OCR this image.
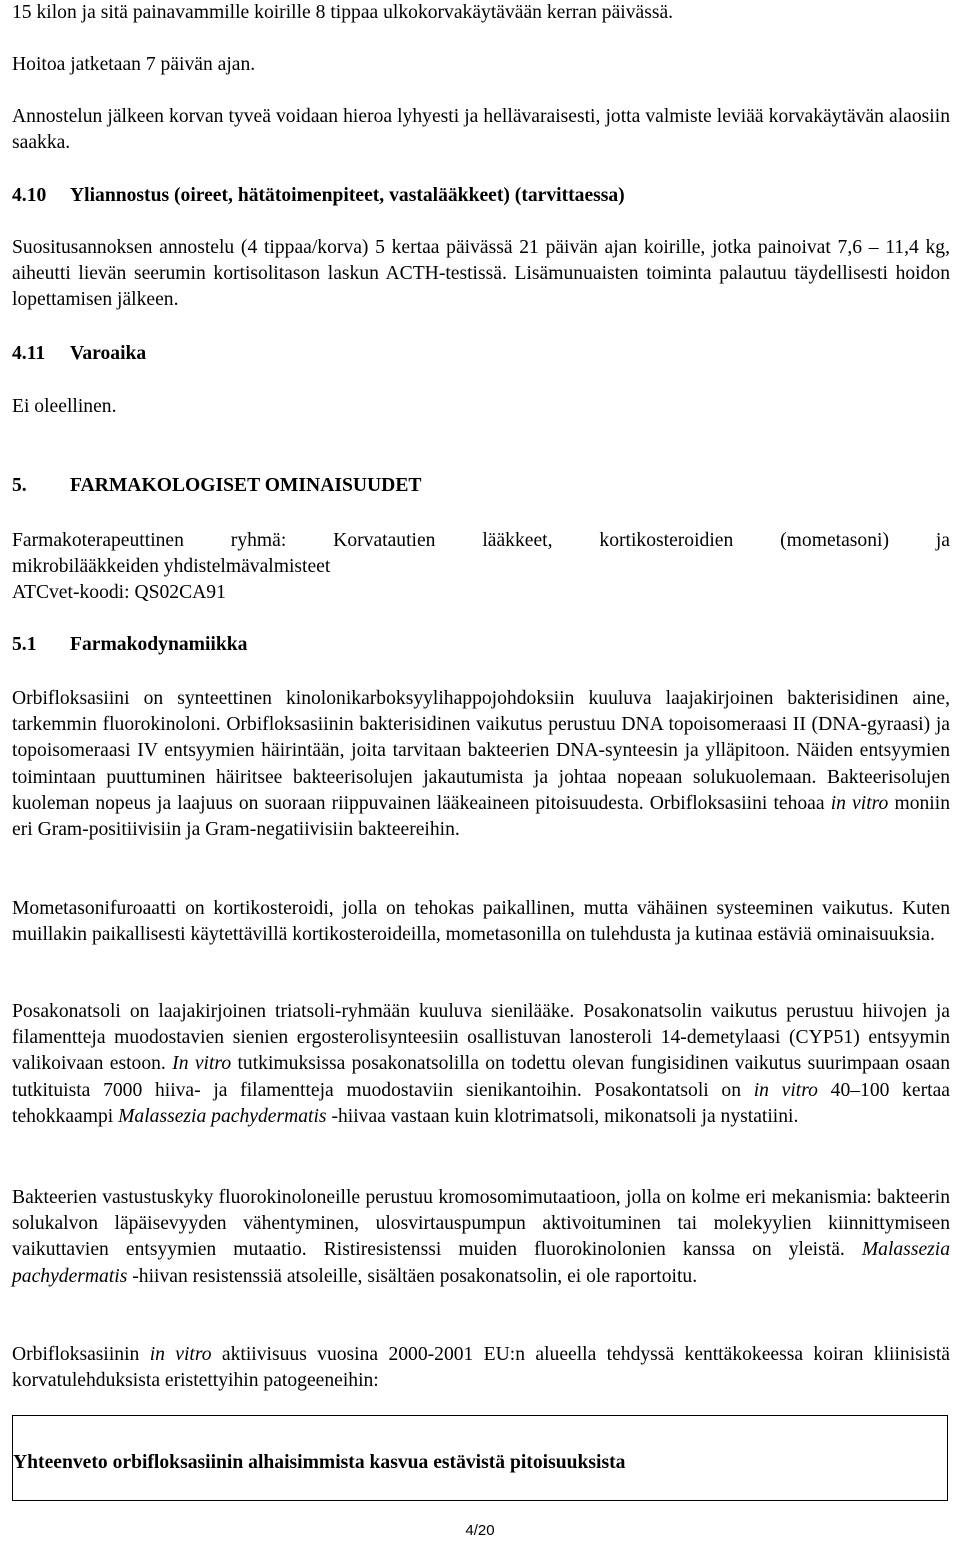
15 kilon ja sitä painavammille koirille 8 tippaa ulkokorvakäytävään kerran päivässä.

Hoitoa jatketaan 7 päivän ajan.

Annostelun jälkeen korvan tyveä voidaan hieroa lyhyesti ja hellävaraisesti, jotta valmiste leviää korvakäytävän alaosiin saakka.

4.10 Yliannostus (oireet, hätätoimenpiteet, vastalääkkeet) (tarvittaessa)

Suositusannoksen annostelu (4 tippaa/korva) 5 kertaa päivässä 21 päivän ajan koirille, jotka painoivat 7,6 – 11,4 kg, aiheutti lievän seerumin kortisolitason laskun ACTH-testissä. Lisämunuaisten toiminta palautuu täydellisesti hoidon lopettamisen jälkeen.

4.11 Varoaika

Ei oleellinen.

5. FARMAKOLOGISET OMINAISUUDET

Farmakoterapeuttinen ryhmä: Korvatautien lääkkeet, kortikosteroidien (mometasoni) ja

mikrobilääkkeiden yhdistelmävalmisteet

ATCvet-koodi: QS02CA91

5.1 Farmakodynamiikka

Orbifloksasiini on synteettinen kinolonikarboksyylihappojohdoksiin kuuluva laajakirjoinen bakterisidinen aine, tarkemmin fluorokinoloni. Orbifloksasiinin bakterisidinen vaikutus perustuu DNA topoisomeraasi II (DNA-gyraasi) ja topoisomeraasi IV entsyymien häirintään, joita tarvitaan bakteerien DNA-synteesin ja ylläpitoon. Näiden entsyymien toimintaan puuttuminen häiritsee bakteerisolujen jakautumista ja johtaa nopeaan solukuolemaan. Bakteerisolujen kuoleman nopeus ja laajuus on suoraan riippuvainen lääkeaineen pitoisuudesta. Orbifloksasiini tehoaa in vitro moniin eri Gram-positiivisiin ja Gram-negatiivisiin bakteereihin.

Mometasonifuroaatti on kortikosteroidi, jolla on tehokas paikallinen, mutta vähäinen systeeminen vaikutus. Kuten muillakin paikallisesti käytettävillä kortikosteroideilla, mometasonilla on tulehdusta ja kutinaa estäviä ominaisuuksia.

Posakonatsoli on laajakirjoinen triatsoli-ryhmään kuuluva sienilääke. Posakonatsolin vaikutus perustuu hiivojen ja filamentteja muodostavien sienien ergosterolisynteesiin osallistuvan lanosteroli 14-demetylaasi (CYP51) entsyymin valikoivaan estoon. In vitro tutkimuksissa posakonatsolilla on todettu olevan fungisidinen vaikutus suurimpaan osaan tutkituista 7000 hiiva- ja filamentteja muodostaviin sienikantoihin. Posakontatsoli on in vitro 40–100 kertaa tehokkaampi Malassezia pachydermatis -hiivaa vastaan kuin klotrimatsoli, mikonatsoli ja nystatiini.

Bakteerien vastustuskyky fluorokinoloneille perustuu kromosomimutaatioon, jolla on kolme eri mekanismia: bakteerin solukalvon läpäisevyyden vähentyminen, ulosvirtauspumpun aktivoituminen tai molekyylien kiinnittymiseen vaikuttavien entsyymien mutaatio. Ristiresistenssi muiden fluorokinolonien kanssa on yleistä. Malassezia pachydermatis -hiivan resistenssiä atsoleille, sisältäen posakonatsolin, ei ole raportoitu.

Orbifloksasiinin in vitro aktiivisuus vuosina 2000-2001 EU:n alueella tehdyssä kenttäkokeessa koiran kliinisistä korvatulehduksista eristettyihin patogeeneihin:

Yhteenveto orbifloksasiinin alhaisimmista kasvua estävistä pitoisuuksista
4/20
